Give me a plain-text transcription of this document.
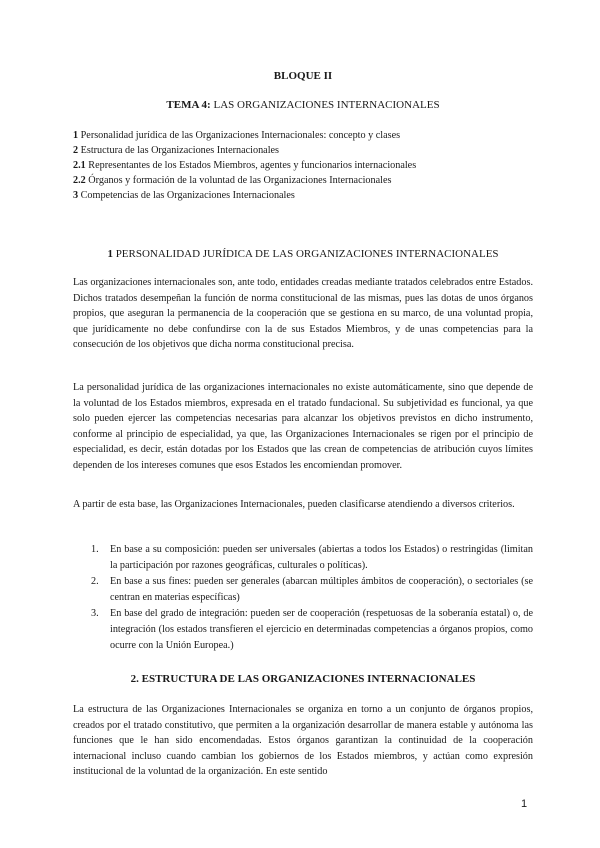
BLOQUE II
TEMA 4: LAS ORGANIZACIONES INTERNACIONALES
1 Personalidad jurídica de las Organizaciones Internacionales: concepto y clases
2 Estructura de las Organizaciones Internacionales
2.1 Representantes de los Estados Miembros, agentes y funcionarios internacionales
2.2 Órganos y formación de la voluntad de las Organizaciones Internacionales
3 Competencias de las Organizaciones Internacionales
1 PERSONALIDAD JURÍDICA DE LAS ORGANIZACIONES INTERNACIONALES

Las organizaciones internacionales son, ante todo, entidades creadas mediante tratados celebrados entre Estados. Dichos tratados desempeñan la función de norma constitucional de las mismas, pues las dotas de unos órganos propios, que aseguran la permanencia de la cooperación que se gestiona en su marco, de una voluntad propia, que jurídicamente no debe confundirse con la de sus Estados Miembros, y de unas competencias para la consecución de los objetivos que dicha norma constitucional precisa.

La personalidad jurídica de las organizaciones internacionales no existe automáticamente, sino que depende de la voluntad de los Estados miembros, expresada en el tratado fundacional. Su subjetividad es funcional, ya que solo pueden ejercer las competencias necesarias para alcanzar los objetivos previstos en dicho instrumento, conforme al principio de especialidad, ya que, las Organizaciones Internacionales se rigen por el principio de especialidad, es decir, están dotadas por los Estados que las crean de competencias de atribución cuyos límites dependen de los intereses comunes que esos Estados les encomiendan promover.

A partir de esta base, las Organizaciones Internacionales, pueden clasificarse atendiendo a diversos criterios.

1. En base a su composición: pueden ser universales (abiertas a todos los Estados) o restringidas (limitan la participación por razones geográficas, culturales o políticas).
2. En base a sus fines: pueden ser generales (abarcan múltiples ámbitos de cooperación), o sectoriales (se centran en materias específicas)
3. En base del grado de integración: pueden ser de cooperación (respetuosas de la soberanía estatal) o, de integración (los estados transfieren el ejercicio en determinadas competencias a órganos propios, como ocurre con la Unión Europea.)
2. ESTRUCTURA DE LAS ORGANIZACIONES INTERNACIONALES

La estructura de las Organizaciones Internacionales se organiza en torno a un conjunto de órganos propios, creados por el tratado constitutivo, que permiten a la organización desarrollar de manera estable y autónoma las funciones que le han sido encomendadas. Estos órganos garantizan la continuidad de la cooperación internacional incluso cuando cambian los gobiernos de los Estados miembros, y actúan como expresión institucional de la voluntad de la organización. En este sentido

1
